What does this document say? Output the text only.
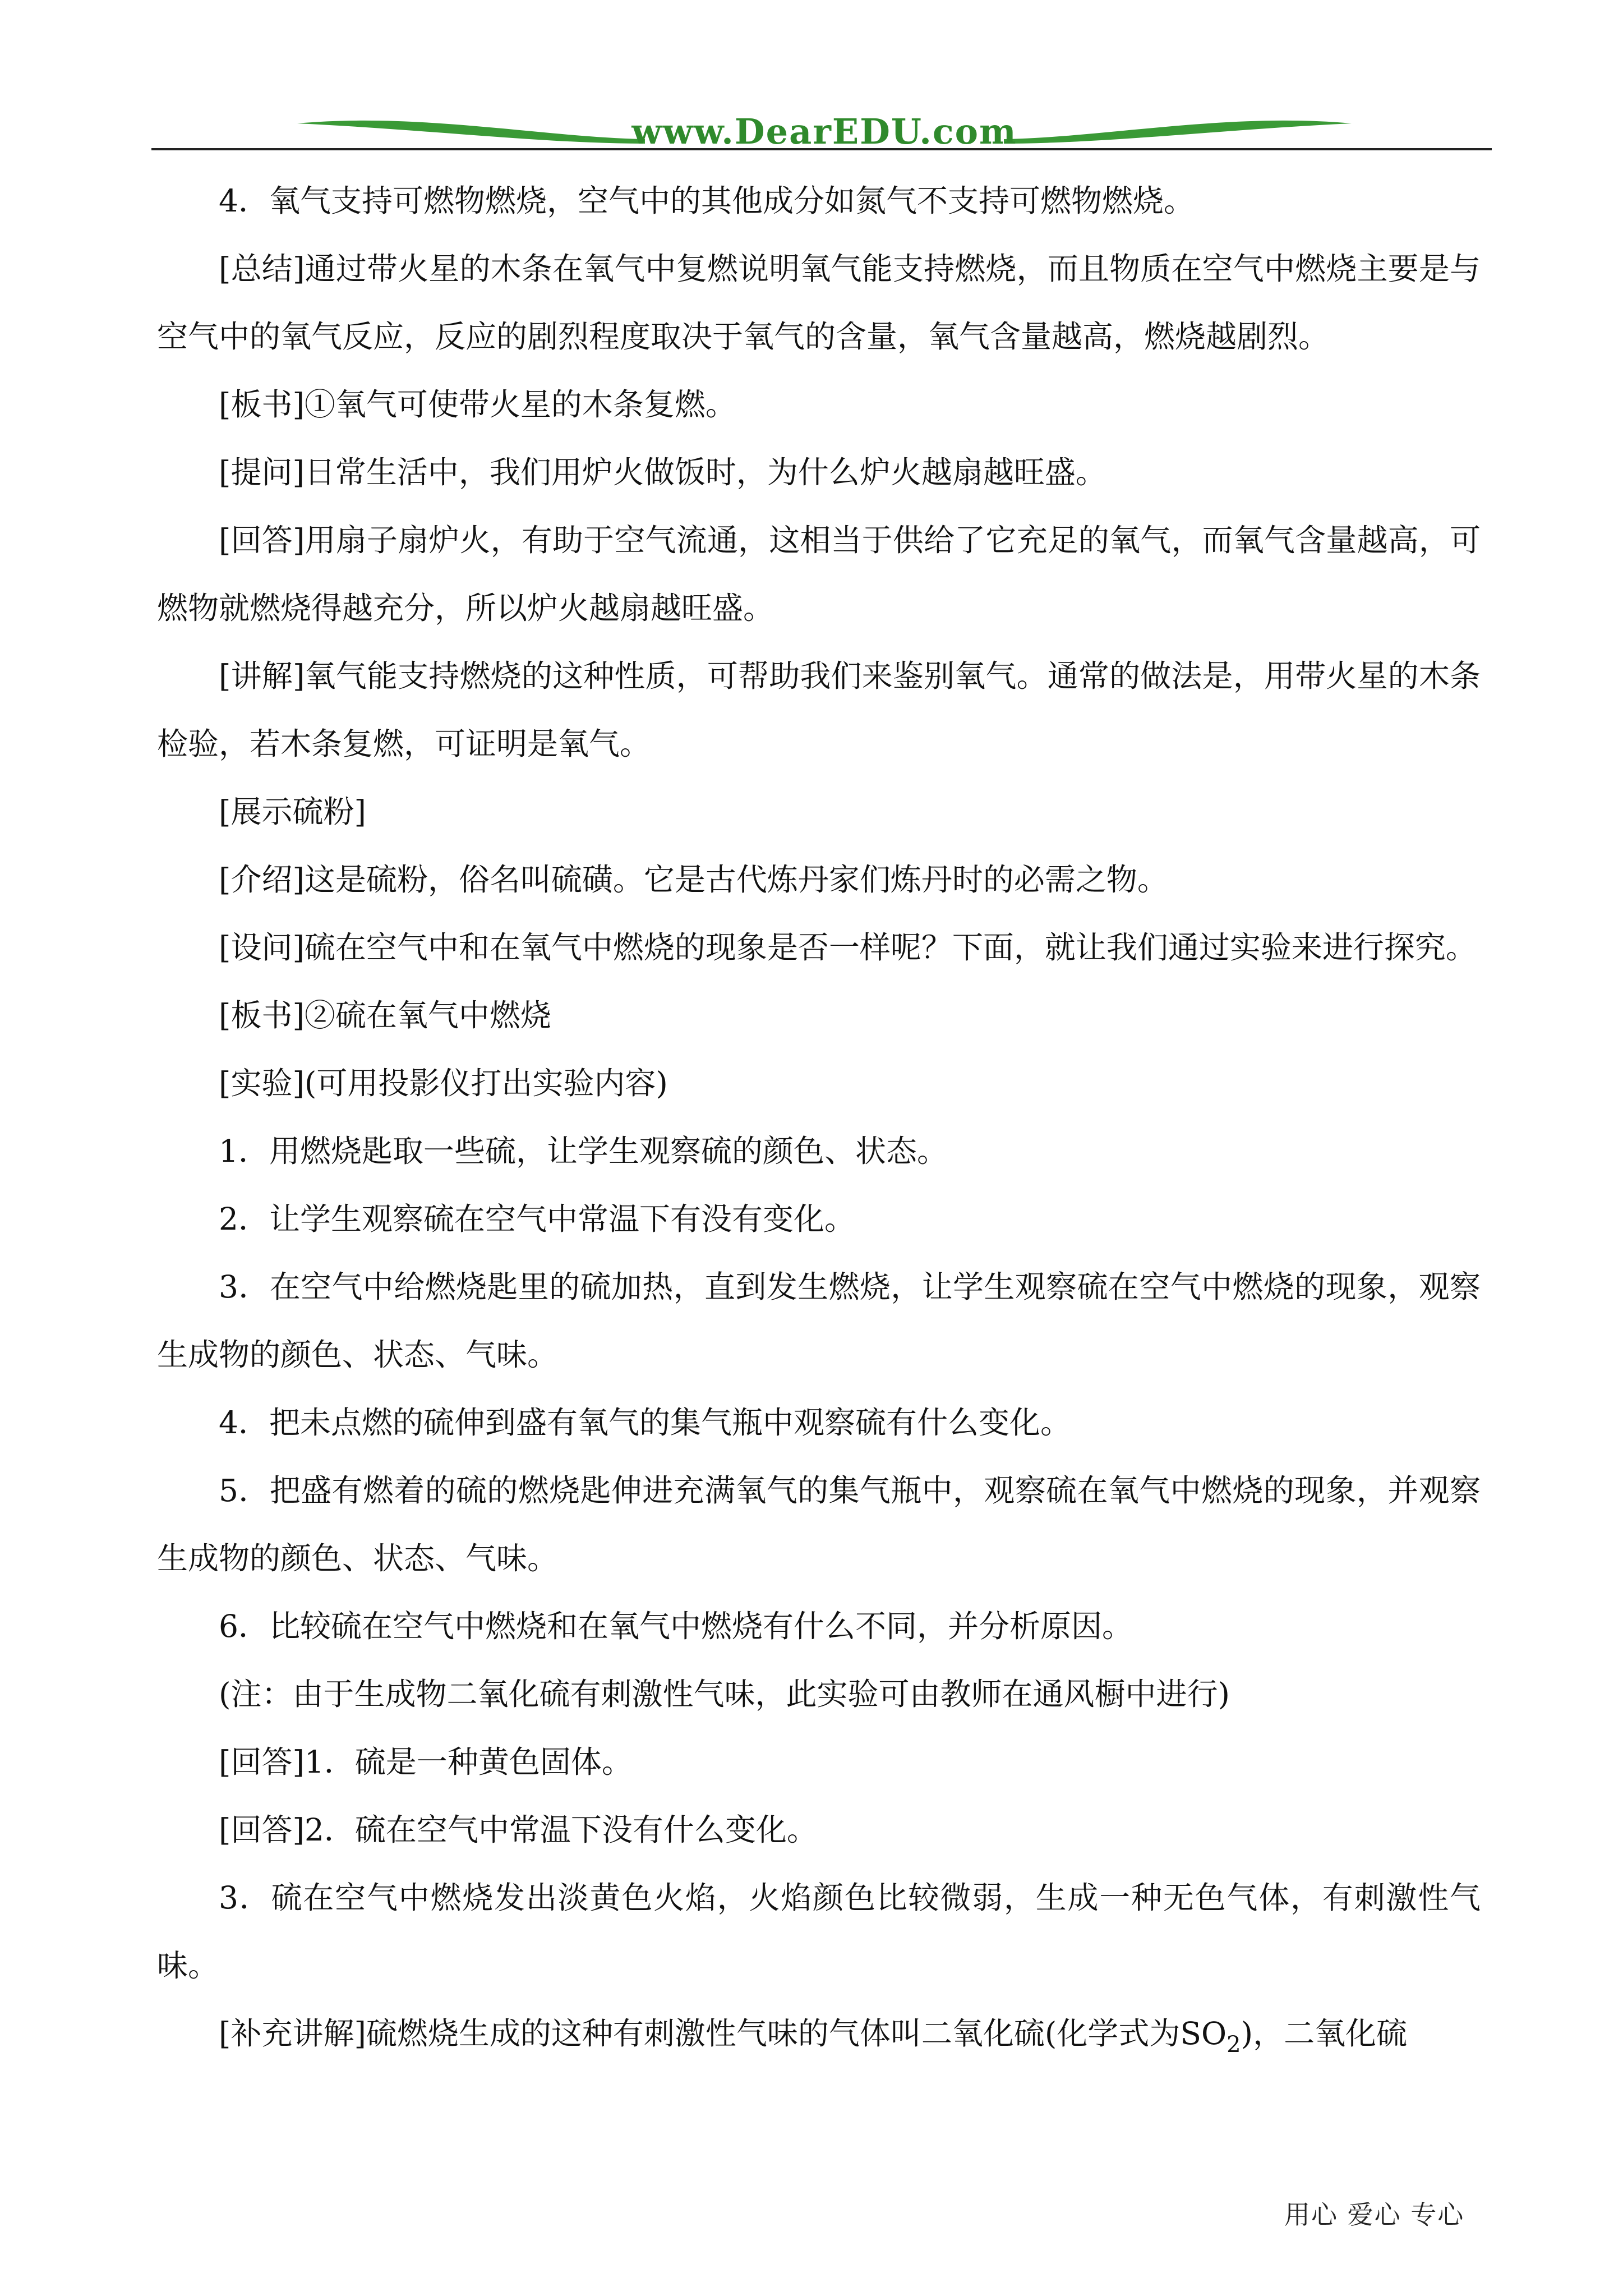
www.DearEDU.com

4．氧气支持可燃物燃烧，空气中的其他成分如氮气不支持可燃物燃烧。

[总结]通过带火星的木条在氧气中复燃说明氧气能支持燃烧，而且物质在空气中燃烧主要是与空气中的氧气反应，反应的剧烈程度取决于氧气的含量，氧气含量越高，燃烧越剧烈。

[板书]①氧气可使带火星的木条复燃。

[提问]日常生活中，我们用炉火做饭时，为什么炉火越扇越旺盛。

[回答]用扇子扇炉火，有助于空气流通，这相当于供给了它充足的氧气，而氧气含量越高，可燃物就燃烧得越充分，所以炉火越扇越旺盛。

[讲解]氧气能支持燃烧的这种性质，可帮助我们来鉴别氧气。通常的做法是，用带火星的木条检验，若木条复燃，可证明是氧气。

[展示硫粉]

[介绍]这是硫粉，俗名叫硫磺。它是古代炼丹家们炼丹时的必需之物。

[设问]硫在空气中和在氧气中燃烧的现象是否一样呢？下面，就让我们通过实验来进行探究。

[板书]②硫在氧气中燃烧

[实验](可用投影仪打出实验内容)

1．用燃烧匙取一些硫，让学生观察硫的颜色、状态。

2．让学生观察硫在空气中常温下有没有变化。

3．在空气中给燃烧匙里的硫加热，直到发生燃烧，让学生观察硫在空气中燃烧的现象，观察生成物的颜色、状态、气味。

4．把未点燃的硫伸到盛有氧气的集气瓶中观察硫有什么变化。

5．把盛有燃着的硫的燃烧匙伸进充满氧气的集气瓶中，观察硫在氧气中燃烧的现象，并观察生成物的颜色、状态、气味。

6．比较硫在空气中燃烧和在氧气中燃烧有什么不同，并分析原因。

(注：由于生成物二氧化硫有刺激性气味，此实验可由教师在通风橱中进行)

[回答]1．硫是一种黄色固体。

[回答]2．硫在空气中常温下没有什么变化。

3．硫在空气中燃烧发出淡黄色火焰，火焰颜色比较微弱，生成一种无色气体，有刺激性气味。

[补充讲解]硫燃烧生成的这种有刺激性气味的气体叫二氧化硫(化学式为$SO_2$)，二氧化硫

用心 爱心 专心
